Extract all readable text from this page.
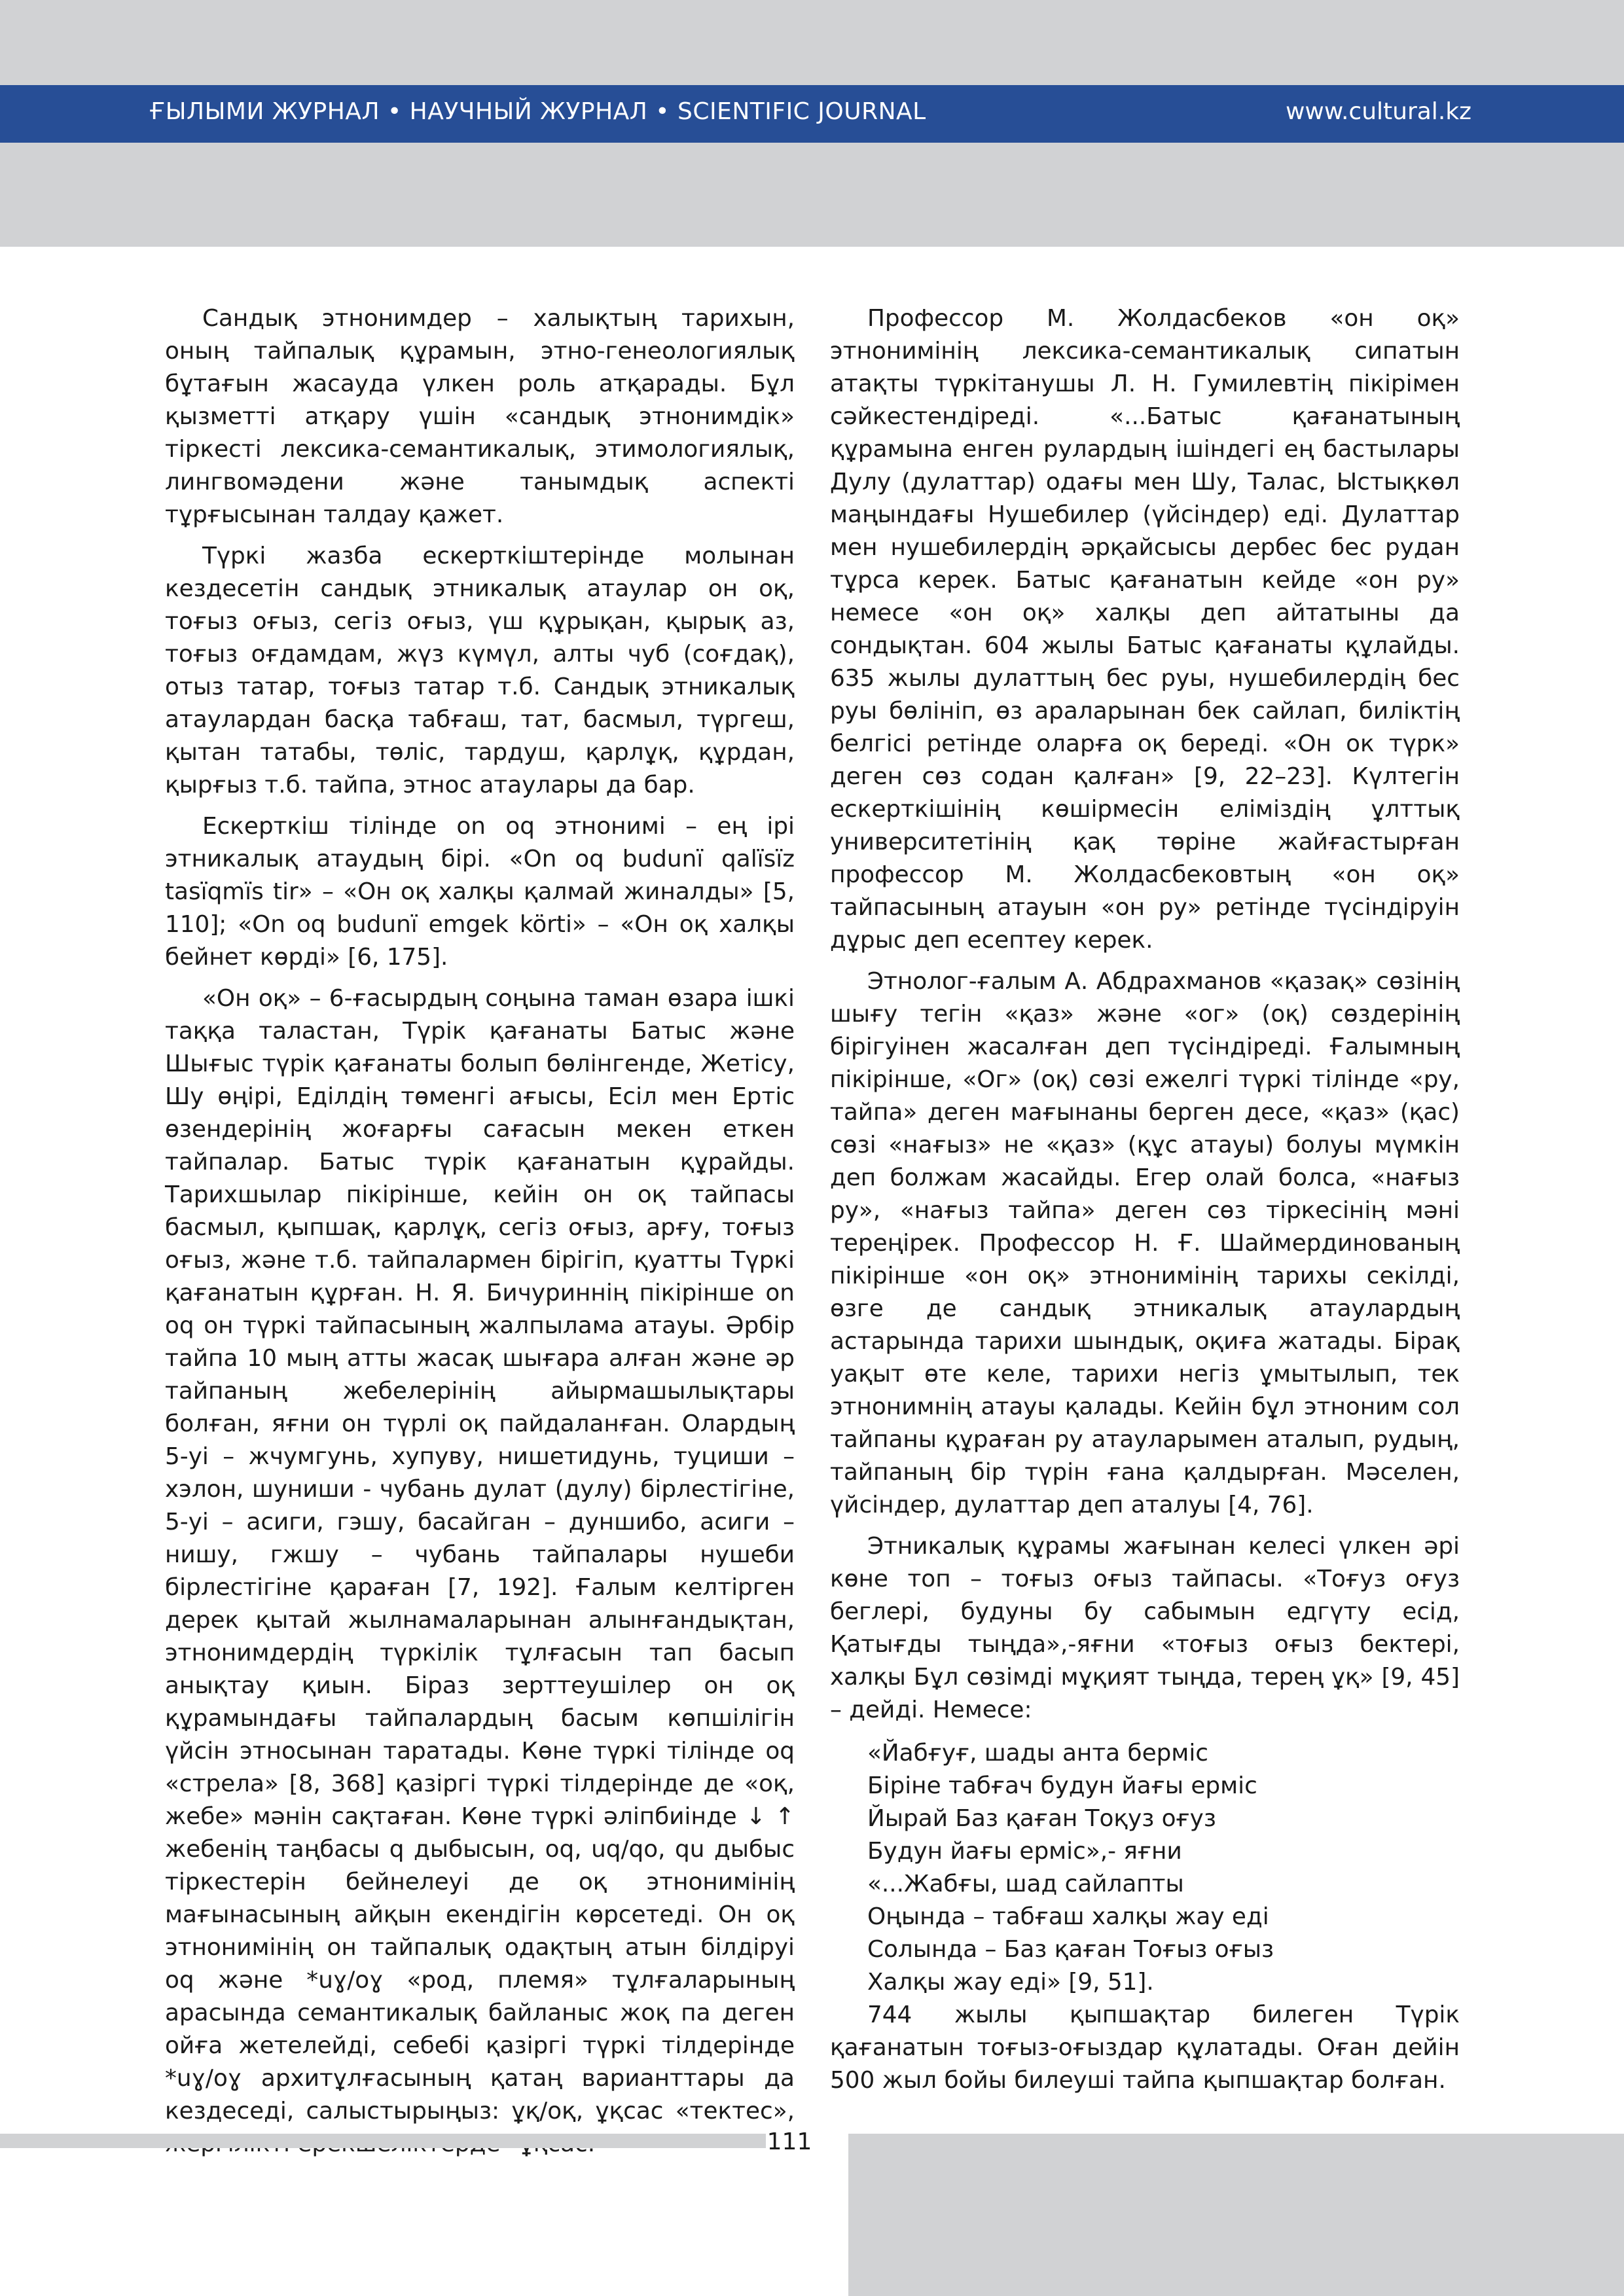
ҒЫЛЫМИ ЖУРНАЛ • НАУЧНЫЙ ЖУРНАЛ • SCIENTIFIC JOURNAL	www.cultural.kz

Сандық этнонимдер – халықтың тарихын, оның тайпалық құрамын, этно-генеологиялық бұтағын жасауда үлкен роль атқарады. Бұл қызметті атқару үшін «сандық этнонимдік» тіркесті лексика-семантикалық, этимологиялық, лингвомәдени және танымдық аспекті тұрғысынан талдау қажет.

Түркі жазба ескерткіштерінде молынан кездесетін сандық этникалық атаулар он оқ, тоғыз оғыз, сегіз оғыз, үш құрықан, қырық аз, тоғыз оғдамдам, жүз күмүл, алты чуб (соғдақ), отыз татар, тоғыз татар т.б. Сандық этникалық атаулардан басқа табғаш, тат, басмыл, түргеш, қытан татабы, төліс, тардуш, қарлұқ, құрдан, қырғыз т.б. тайпа, этнос атаулары да бар.

Ескерткіш тілінде on oq этнонимі – ең ірі этникалық атаудың бірі. «On oq budunї qalїsїz tasїqmїs tir» – «Он оқ халқы қалмай жиналды» [5, 110]; «On oq budunї emgek körti» – «Он оқ халқы бейнет көрді» [6, 175].

«Он оқ» – 6-ғасырдың соңына таман өзара ішкі таққа таластан, Түрік қағанаты Батыс және Шығыс түрік қағанаты болып бөлінгенде, Жетісу, Шу өңірі, Еділдің төменгі ағысы, Есіл мен Ертіс өзендерінің жоғарғы сағасын мекен еткен тайпалар. Батыс түрік қағанатын құрайды. Тарихшылар пікірінше, кейін он оқ тайпасы басмыл, қыпшақ, қарлұқ, сегіз оғыз, арғу, тоғыз оғыз, және т.б. тайпалармен бірігіп, қуатты Түркі қағанатын құрған. Н. Я. Бичуриннің пікірінше on oq он түркі тайпасының жалпылама атауы. Әрбір тайпа 10 мың атты жасақ шығара алған және әр тайпаның жебелерінің айырмашылықтары болған, яғни он түрлі оқ пайдаланған. Олардың 5-уі – жчумгунь, хупуву, нишетидунь, туциши – хэлон, шуниши - чубань дулат (дулу) бірлестігіне, 5-уі – асиги, гэшу, басайган – дуншибо, асиги – нишу, гжшу – чубань тайпалары нушеби бірлестігіне қараған [7, 192]. Ғалым келтірген дерек қытай жылнамаларынан алынғандықтан, этнонимдердің түркілік тұлғасын тап басып анықтау қиын. Біраз зерттеушілер он оқ құрамындағы тайпалардың басым көпшілігін үйсін этносынан таратады. Көне түркі тілінде oq «стрела» [8, 368] қазіргі түркі тілдерінде де «оқ, жебе» мәнін сақтаған. Көне түркі әліпбиінде ↓ ↑ жебенің таңбасы q дыбысын, oq, uq/qo, qu дыбыс тіркестерін бейнелеуі де оқ этнонимінің мағынасының айқын екендігін көрсетеді. Он оқ этнонимінің он тайпалық одақтың атын білдіруі oq және *uɣ/oɣ «род, племя» тұлғаларының арасында семантикалық байланыс жоқ па деген ойға жетелейді, себебі қазіргі түркі тілдерінде *uɣ/oɣ архитұлғасының қатаң варианттары да кездеседі, салыстырыңыз: ұқ/оқ, ұқсас «тектес»,

Профессор М. Жолдасбеков «он оқ» этнонимінің лексика-семантикалық сипатын атақты түркітанушы Л. Н. Гумилевтің пікірімен сәйкестендіреді. «...Батыс қағанатының құрамына енген рулардың ішіндегі ең бастылары Дулу (дулаттар) одағы мен Шу, Талас, Ыстықкөл маңындағы Нушебилер (үйсіндер) еді. Дулаттар мен нушебилердің әрқайсысы дербес бес рудан тұрса керек. Батыс қағанатын кейде «он ру» немесе «он оқ» халқы деп айтатыны да сондықтан. 604 жылы Батыс қағанаты құлайды. 635 жылы дулаттың бес руы, нушебилердің бес руы бөлініп, өз араларынан бек сайлап, биліктің белгісі ретінде оларға оқ береді. «Он ок түрк» деген сөз содан қалған» [9, 22–23]. Күлтегін ескерткішінің көшірмесін еліміздің ұлттық университетінің қақ төріне жайғастырған профессор М. Жолдасбековтың «он оқ» тайпасының атауын «он ру» ретінде түсіндіруін дұрыс деп есептеу керек.

Этнолог-ғалым А. Абдрахманов «қазақ» сөзінің шығу тегін «қаз» және «ог» (оқ) сөздерінің бірігуінен жасалған деп түсіндіреді. Ғалымның пікірінше, «Ог» (оқ) сөзі ежелгі түркі тілінде «ру, тайпа» деген мағынаны берген десе, «қаз» (қас) сөзі «нағыз» не «қаз» (құс атауы) болуы мүмкін деп болжам жасайды. Егер олай болса, «нағыз ру», «нағыз тайпа» деген сөз тіркесінің мәні тереңірек. Профессор Н. Ғ. Шаймердинованың пікірінше «он оқ» этнонимінің тарихы секілді, өзге де сандық этникалық атаулардың астарында тарихи шындық, оқиға жатады. Бірақ уақыт өте келе, тарихи негіз ұмытылып, тек этнонимнің атауы қалады. Кейін бұл этноним сол тайпаны құраған ру атауларымен аталып, рудың, тайпаның бір түрін ғана қалдырған. Мәселен, үйсіндер, дулаттар деп аталуы [4, 76].

Этникалық құрамы жағынан келесі үлкен әрі көне топ – тоғыз оғыз тайпасы. «Тоғуз оғуз беглері, будуны бу сабымын едгүту есід, Қатығды тыңда»,-яғни «тоғыз оғыз бектері, халқы Бұл сөзімді мұқият тыңда, терең ұқ» [9, 45] – дейді. Немесе:

«Йабғуғ, шады анта берміс
Біріне табғач будун йағы ерміс
Йырай Баз қаған Тоқуз оғуз
Будун йағы ерміс»,- яғни
«...Жабғы, шад сайлапты
Оңында – табғаш халқы жау еді
Солында – Баз қаған Тоғыз оғыз
Халқы жау еді» [9, 51].

744 жылы қыпшақтар билеген Түрік қағанатын тоғыз-оғыздар құлатады. Оған дейін 500 жыл бойы билеуші тайпа қыпшақтар болған.

111
